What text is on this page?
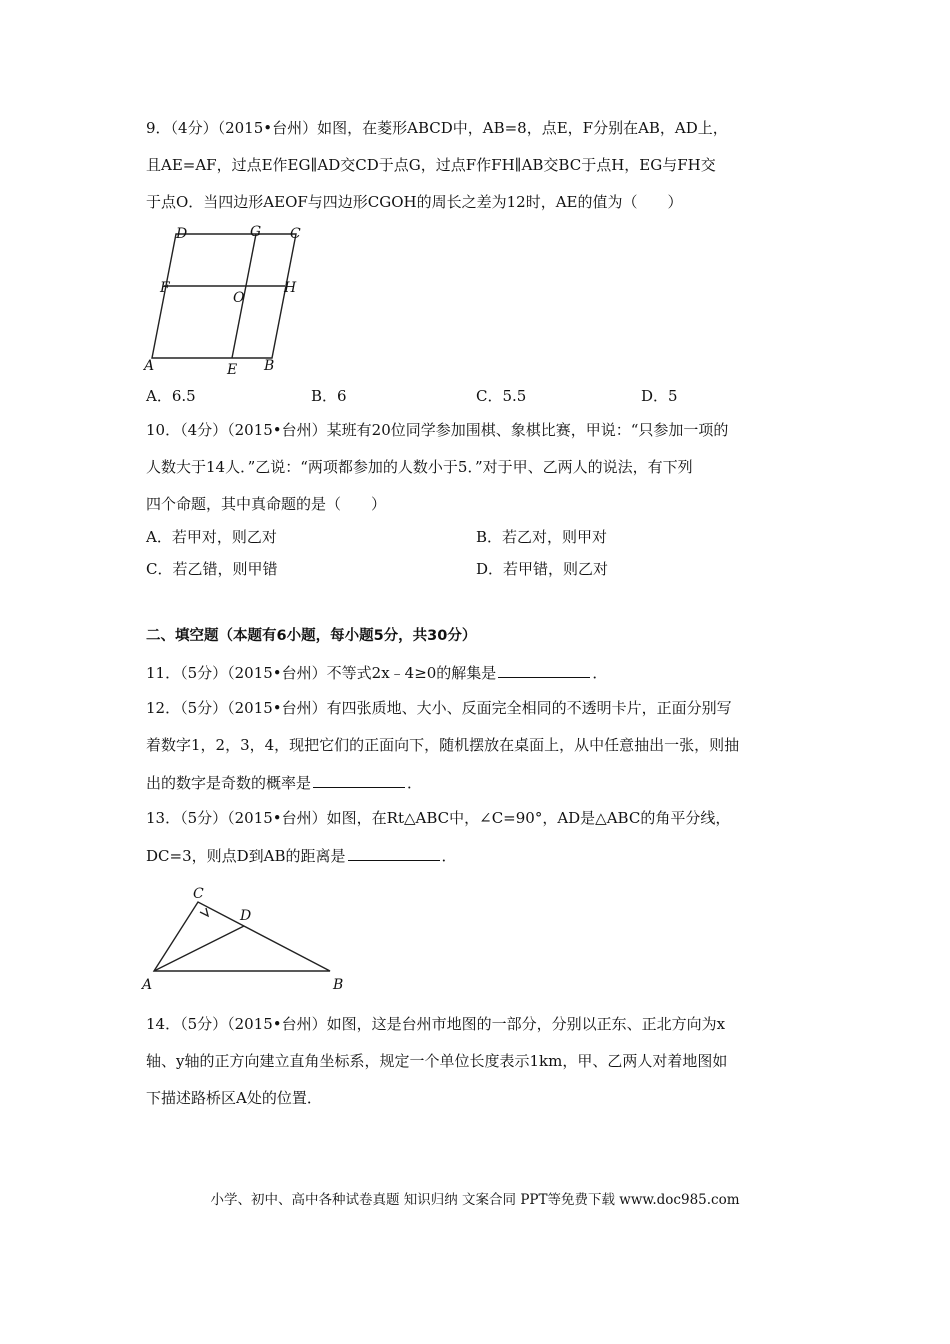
9．（4分）（2015•台州）如图，在菱形ABCD中，AB=8，点E，F分别在AB，AD上，
且AE=AF，过点E作EG∥AD交CD于点G，过点F作FH∥AB交BC于点H，EG与FH交
于点O．当四边形AEOF与四边形CGOH的周长之差为12时，AE的值为（　　）
D	G C
F
O
H
A	E B
A．6.5	B．6	C．5.5	D．5
10．（4分）（2015•台州）某班有20位同学参加围棋、象棋比赛，甲说：“只参加一项的
人数大于14人．”乙说：“两项都参加的人数小于5．”对于甲、乙两人的说法，有下列
四个命题，其中真命题的是（　　）
A．若甲对，则乙对	B．若乙对，则甲对
C．若乙错，则甲错	D．若甲错，则乙对
二、填空题（本题有6小题，每小题5分，共30分）
11．（5分）（2015•台州）不等式2x﹣4≥0的解集是	．
12．（5分）（2015•台州）有四张质地、大小、反面完全相同的不透明卡片，正面分别写
着数字1，2，3，4，现把它们的正面向下，随机摆放在桌面上，从中任意抽出一张，则抽
出的数字是奇数的概率是	．
13．（5分）（2015•台州）如图，在Rt△ABC中，∠C=90°，AD是△ABC的角平分线，
DC=3，则点D到AB的距离是	．
C
D
A	B
14．（5分）（2015•台州）如图，这是台州市地图的一部分，分别以正东、正北方向为x
轴、y轴的正方向建立直角坐标系，规定一个单位长度表示1km，甲、乙两人对着地图如
下描述路桥区A处的位置．
小学、初中、高中各种试卷真题 知识归纳 文案合同 PPT等免费下载 www.doc985.com
